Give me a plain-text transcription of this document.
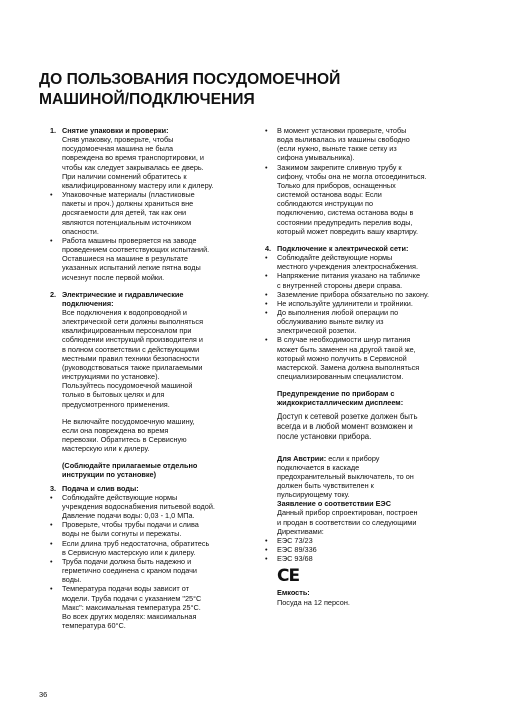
ДО ПОЛЬЗОВАНИЯ ПОСУДОМОЕЧНОЙ
МАШИНОЙ/ПОДКЛЮЧЕНИЯ
1. Снятие упаковки и проверки:
Сняв упаковку, проверьте, чтобы
посудомоечная машина не была
повреждена во время транспортировки, и
чтобы как следует закрывалась ее дверь.
При наличии сомнений обратитесь к
квалифицированному мастеру или к дилеру.
•	Упаковочные материалы (пластиковые
пакеты и проч.) должны храниться вне
досягаемости для детей, так как они
являются потенциальным источником
опасности.
•	Работа машины проверяется на заводе
проведением соответствующих испытаний.
Оставшиеся на машине в результате
указанных испытаний легкие пятна воды
исчезнут после первой мойки.
2. Электрические и гидравлические
подключения:
Все подключения к водопроводной и
электрической сети должны выполняться
квалифицированным персоналом при
соблюдении инструкций производителя и
в полном соответствии с действующими
местными правил техники безопасности
(руководствоваться также прилагаемыми
инструкциями по установке).
Пользуйтесь посудомоечной машиной
только в бытовых целях и для
предусмотренного применения.
Не включайте посудомоечную машину,
если она повреждена во время
перевозки. Обратитесь в Сервисную
мастерскую или к дилеру.
(Соблюдайте прилагаемые отдельно
инструкции по установке)
3. Подача и слив воды:
•	Соблюдайте действующие нормы
учреждения водоснабжения питьевой водой.
Давление подачи воды: 0,03 - 1,0 МПа.
•	Проверьте, чтобы трубы подачи и слива
воды не были согнуты и пережаты.
•	Если длина труб недостаточна, обратитесь
в Сервисную мастерскую или к дилеру.
•	Труба подачи должна быть надежно и
герметично соединена с краном подачи
воды.
•	Температура подачи воды зависит от
модели. Труба подачи с указанием "25°С
Макс": максимальная температура 25°С.
Во всех других моделях: максимальная
температура 60°С.
•	В момент установки проверьте, чтобы
вода выливалась из машины свободно
(если нужно, выньте также сетку из
сифона умывальника).
•	Зажимом закрепите сливную трубу к
сифону, чтобы она не могла отсоединиться.
Только для приборов, оснащенных
системой останова воды: Если
соблюдаются инструкции по
подключению, система останова воды в
состоянии предупредить перелив воды,
который может повредить вашу квартиру.
4. Подключение к электрической сети:
•	Соблюдайте действующие нормы
местного учреждения электроснабжения.
•	Напряжение питания указано на табличке
с внутренней стороны двери справа.
•	Заземление прибора обязательно по закону.
•	Не используйте удлинители и тройники.
•	До выполнения любой операции по
обслуживанию выньте вилку из
электрической розетки.
•	В случае необходимости шнур питания
может быть заменен на другой такой же,
который можно получить в Сервисной
мастерской. Замена должна выполняться
специализированным специалистом.
Предупреждение по приборам с
жидкокристаллическим дисплеем:
Доступ к сетевой розетке должен быть
всегда и в любой момент возможен и
после установки прибора.
Для Австрии: если к прибору
подключается в каскаде
предохранительный выключатель, то он
должен быть чувствителен к
пульсирующему току.
Заявление о соответствии ЕЭС
Данный прибор спроектирован, построен
и продан в соответствии со следующими
Директивами:
•	ЕЭС 73/23
•	ЕЭС 89/336
•	ЕЭС 93/68
CE
Емкость:
Посуда на 12 персон.
36
